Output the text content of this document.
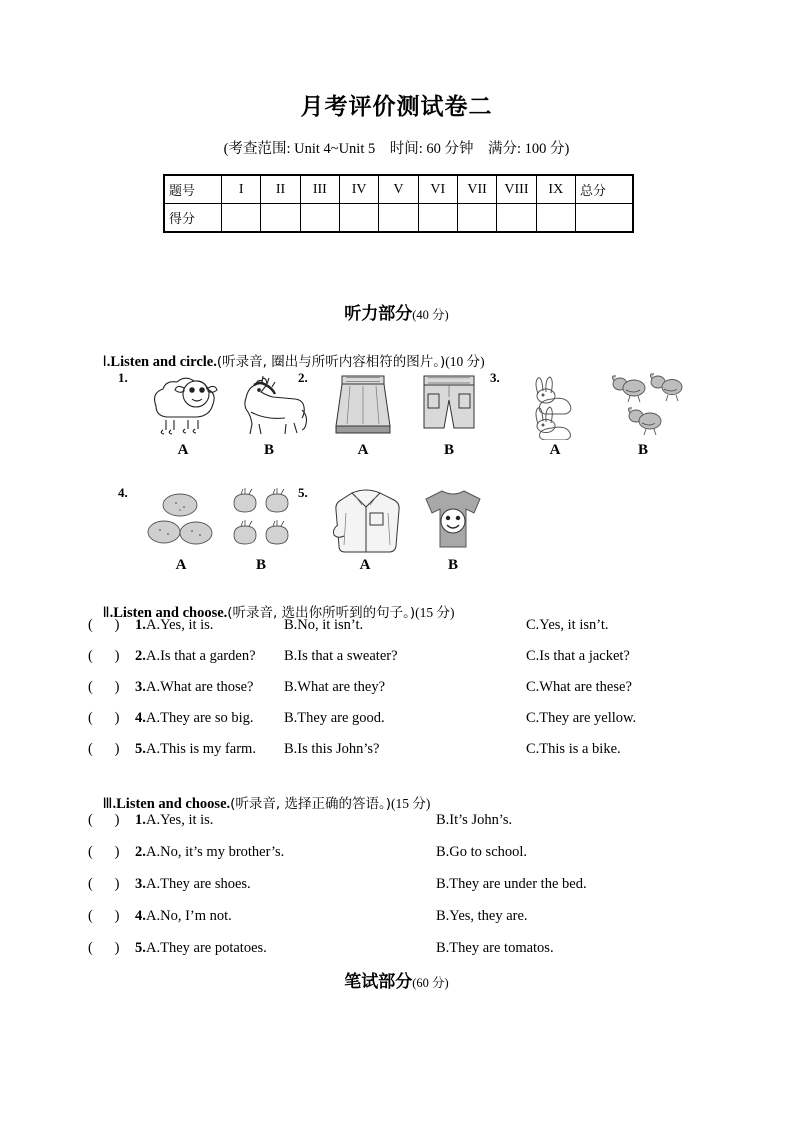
月考评价测试卷二
(考查范围: Unit 4~Unit 5    时间: 60 分钟    满分: 100 分)
题号	I	II	III	IV	V	VI	VII	VIII	IX	总分
得分										
听力部分(40 分)

Ⅰ.Listen and circle.(听录音, 圈出与所听内容相符的图片。)(10 分)

1.
A	B
2.
A	B
3.
A	B
4.
A	B
5.
A	B

Ⅱ.Listen and choose.(听录音, 选出你所听到的句子。)(15 分)

(      )	1. A.Yes, it is.	B.No, it isn’t.	C.Yes, it isn’t.
(      )	2. A.Is that a garden? B.Is that a sweater?	C.Is that a jacket?
(      )	3. A.What are those? B.What are they?	C.What are these?
(      )	4. A.They are so big. B.They are good.	C.They are yellow.
(      )	5. A.This is my farm. B.Is this John’s?	C.This is a bike.

Ⅲ.Listen and choose.(听录音, 选择正确的答语。)(15 分)

(      )	1. A.Yes, it is.	B.It’s John’s.
(      )	2. A.No, it’s my brother’s.	B.Go to school.
(      )	3. A.They are shoes.	B.They are under the bed.
(      )	4. A.No, I’m not.	B.Yes, they are.
(      )	5. A.They are potatoes.	B.They are tomatos.
笔试部分(60 分)
